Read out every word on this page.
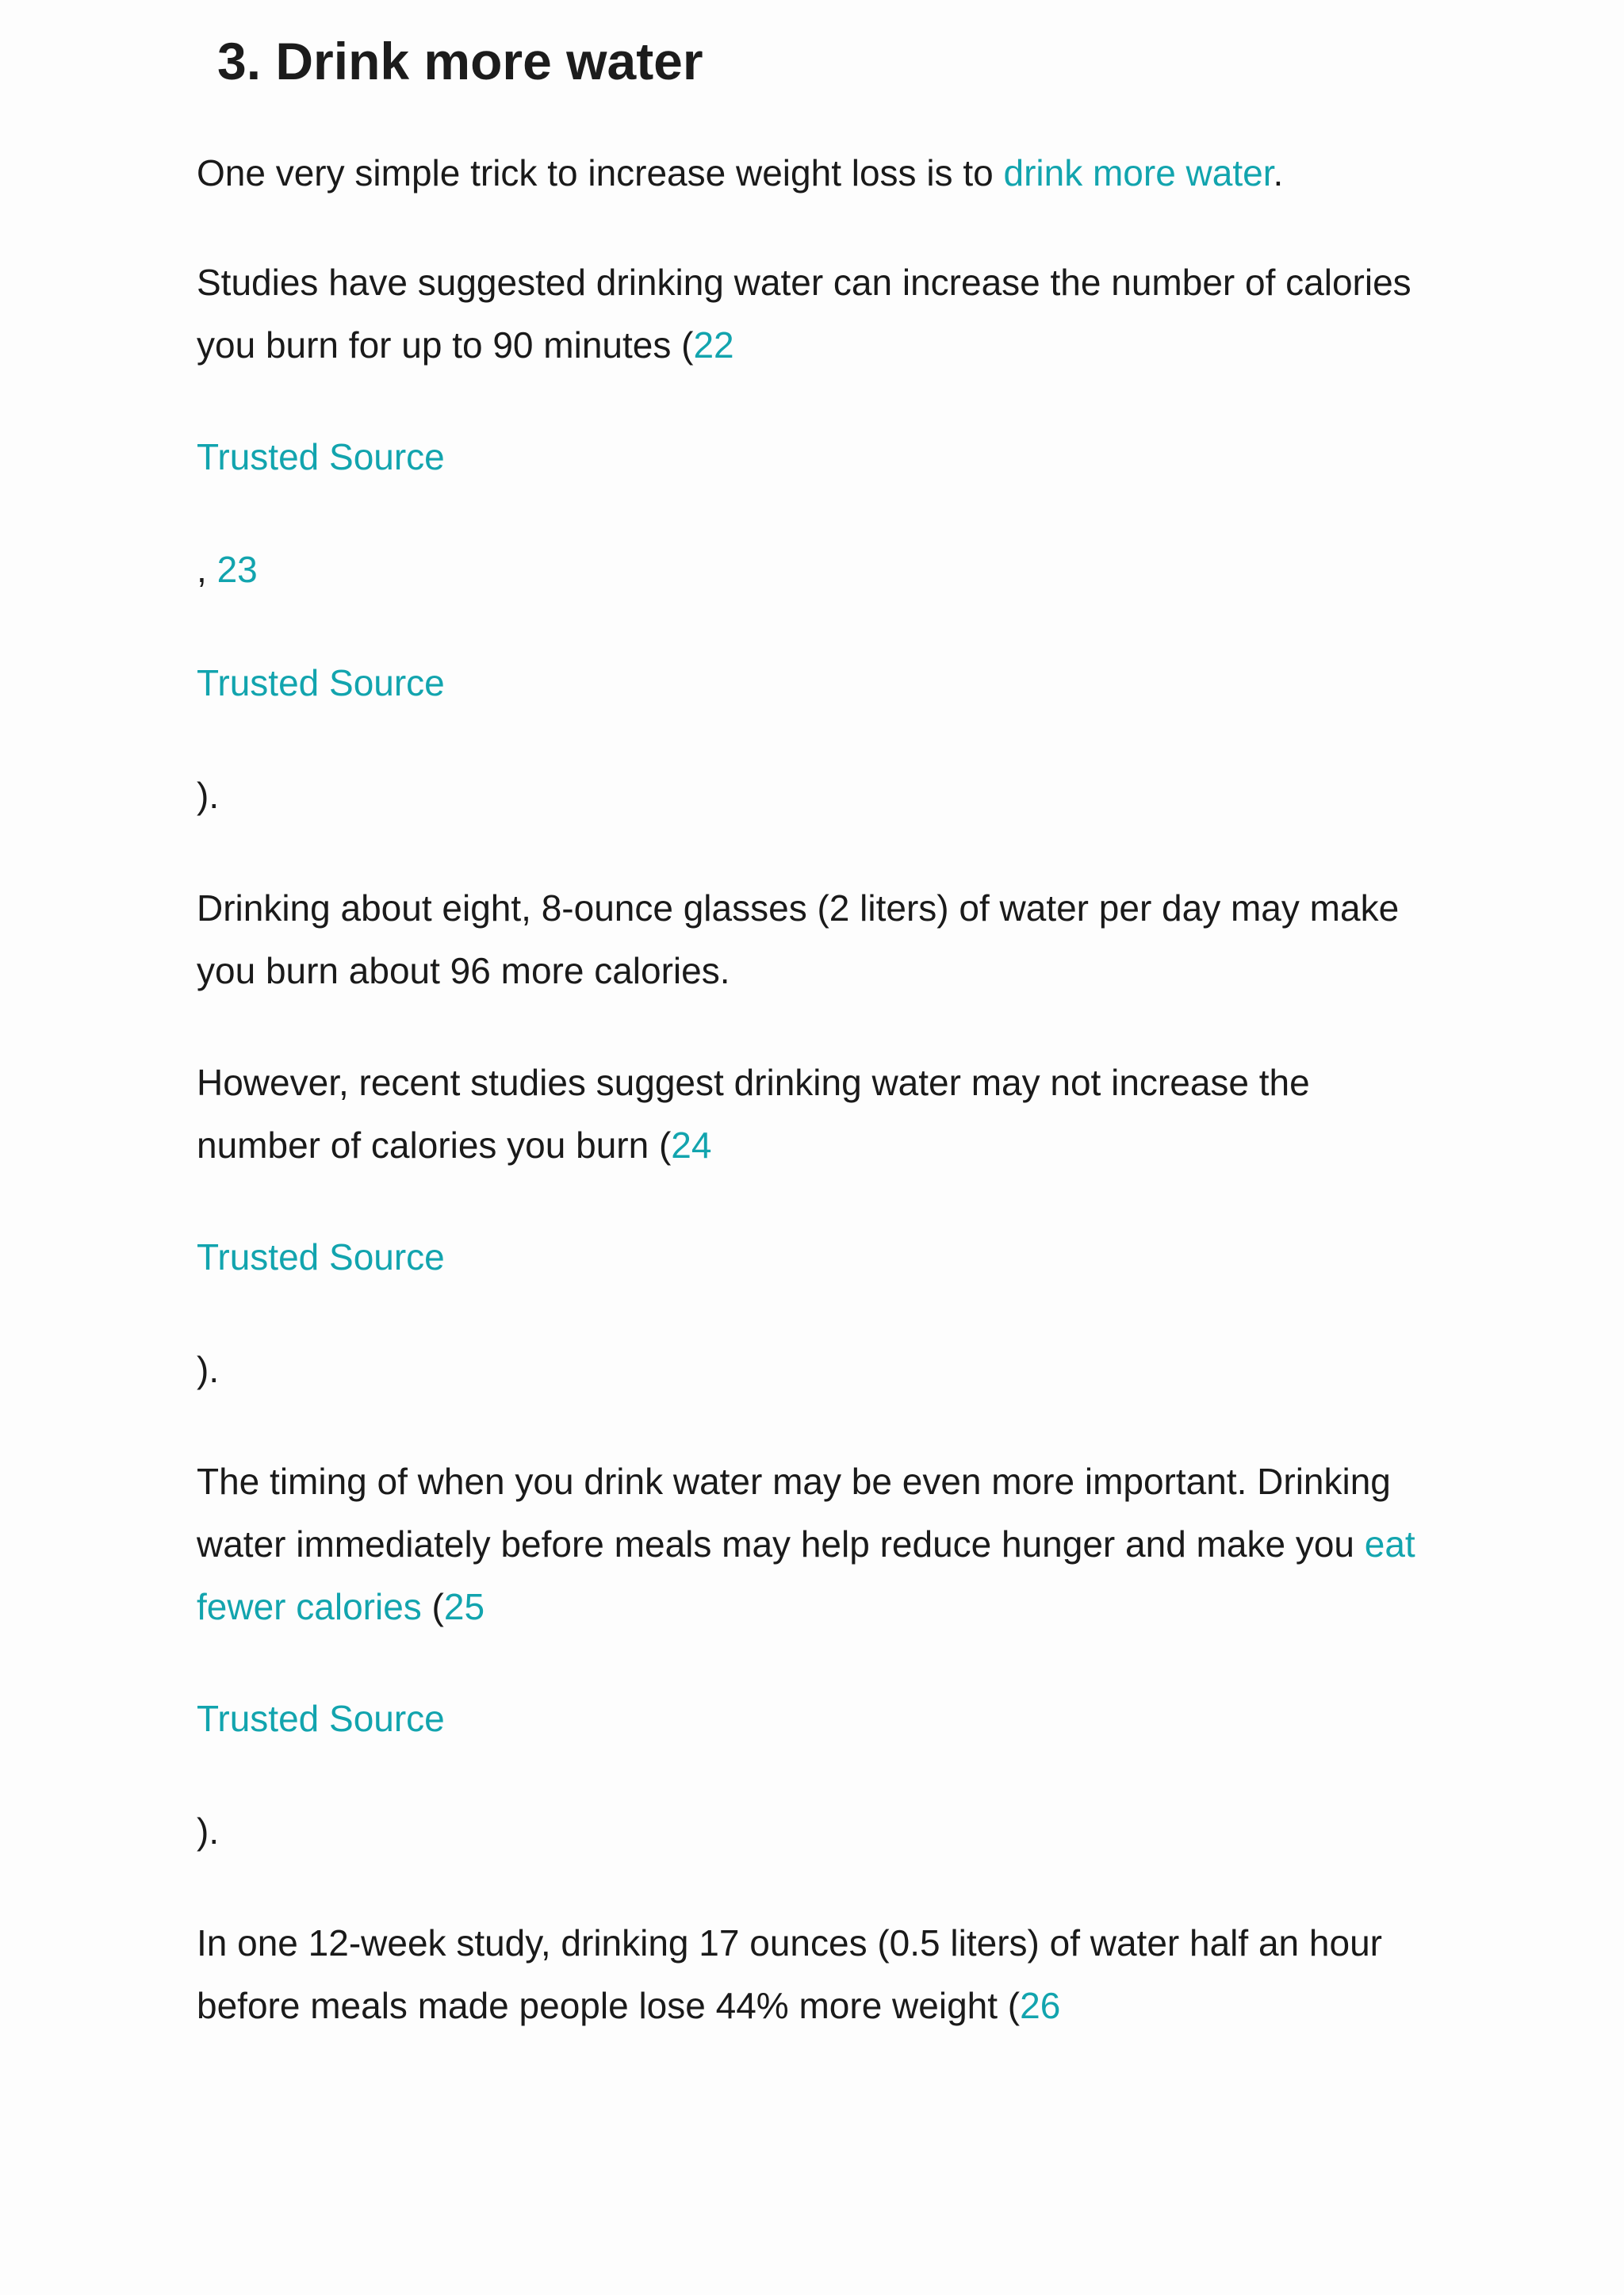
3. Drink more water

One very simple trick to increase weight loss is to drink more water.

Studies have suggested drinking water can increase the number of calories

you burn for up to 90 minutes (22

Trusted Source

, 23

Trusted Source

).

Drinking about eight, 8-ounce glasses (2 liters) of water per day may make

you burn about 96 more calories.

However, recent studies suggest drinking water may not increase the

number of calories you burn (24

Trusted Source

).

The timing of when you drink water may be even more important. Drinking

water immediately before meals may help reduce hunger and make you eat

fewer calories (25

Trusted Source

).

In one 12-week study, drinking 17 ounces (0.5 liters) of water half an hour

before meals made people lose 44% more weight (26
